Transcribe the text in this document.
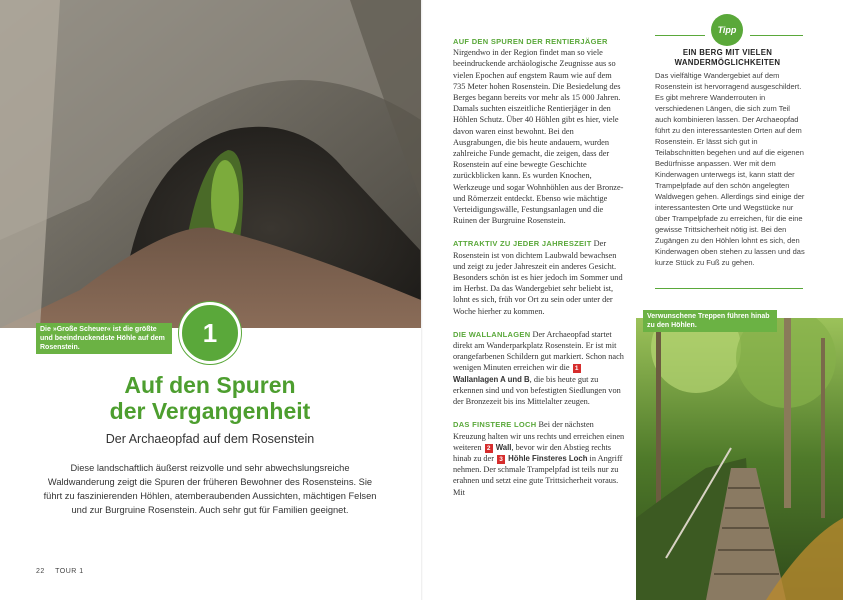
Die »Große Scheuer« ist die größte und beeindruckendste Höhle auf dem Rosenstein.	1
Auf den Spuren
der Vergangenheit
Der Archaeopfad auf dem Rosenstein
Diese landschaftlich äußerst reizvolle und sehr abwechslungsreiche Waldwanderung zeigt die Spuren der früheren Bewohner des Rosensteins. Sie führt zu faszinierenden Höhlen, atemberaubenden Aussichten, mächtigen Felsen und zur Burgruine Rosenstein. Auch sehr gut für Familien geeignet.
22 TOUR 1

AUF DEN SPUREN DER RENTIERJÄGER
Nirgendwo in der Region findet man so viele beeindruckende archäologische Zeugnisse aus so vielen Epochen auf engstem Raum wie auf dem 735 Meter hohen Rosenstein. Die Besiedelung des Berges begann bereits vor mehr als 15 000 Jahren. Damals suchten eiszeitliche Rentierjäger in den Höhlen Schutz. Über 40 Höhlen gibt es hier, viele davon waren einst bewohnt. Bei den Ausgrabungen, die bis heute andauern, wurden zahlreiche Funde gemacht, die zeigen, dass der Rosenstein auf eine bewegte Geschichte zurückblicken kann. Es wurden Knochen, Werkzeuge und sogar Wohnhöhlen aus der Bronze- und Römerzeit entdeckt. Ebenso wie mächtige Verteidigungswälle, Festungsanlagen und die Ruinen der Burgruine Rosenstein.

ATTRAKTIV ZU JEDER JAHRESZEIT Der Rosenstein ist von dichtem Laubwald bewachsen und zeigt zu jeder Jahreszeit ein anderes Gesicht. Besonders schön ist es hier jedoch im Sommer und im Herbst. Da das Wandergebiet sehr beliebt ist, lohnt es sich, früh vor Ort zu sein oder unter der Woche hierher zu kommen.

DIE WALLANLAGEN Der Archaeopfad startet direkt am Wanderparkplatz Rosenstein. Er ist mit orangefarbenen Schildern gut markiert. Schon nach wenigen Minuten erreichen wir die 1 Wallanlagen A und B, die bis heute gut zu erkennen sind und von befestigten Siedlungen von der Bronzezeit bis ins Mittelalter zeugen.

DAS FINSTERE LOCH Bei der nächsten Kreuzung halten wir uns rechts und erreichen einen weiteren 2 Wall, bevor wir den Abstieg rechts hinab zu der 3 Höhle Finsteres Loch in Angriff nehmen. Der schmale Trampelpfad ist teils nur zu erahnen und setzt eine gute Trittsicherheit voraus. Mit

Tipp
EIN BERG MIT VIELEN WANDERMÖGLICHKEITEN
Das vielfältige Wandergebiet auf dem Rosenstein ist hervorragend ausgeschildert. Es gibt mehrere Wanderrouten in verschiedenen Längen, die sich zum Teil auch kombinieren lassen. Der Archaeopfad führt zu den interessantesten Orten auf dem Rosenstein. Er lässt sich gut in Teilabschnitten begehen und auf die eigenen Bedürfnisse anpassen. Wer mit dem Kinderwagen unterwegs ist, kann statt der Trampelpfade auf den schön angelegten Waldwegen gehen. Allerdings sind einige der interessantesten Orte und Wegstücke nur über Trampelpfade zu erreichen, für die eine gewisse Trittsicherheit nötig ist. Bei den Zugängen zu den Höhlen lohnt es sich, den Kinderwagen oben stehen zu lassen und das kurze Stück zu Fuß zu gehen.
Verwunschene Treppen führen hinab zu den Höhlen.
